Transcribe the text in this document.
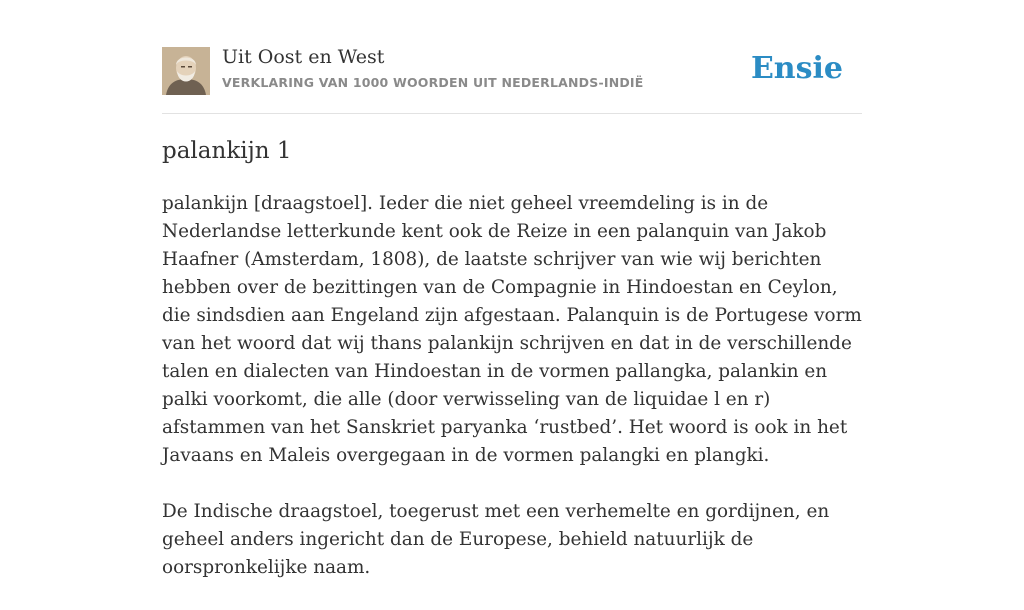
Uit Oost en West
VERKLARING VAN 1000 WOORDEN UIT NEDERLANDS-INDIË	Ensie
palankijn 1

palankijn [draagstoel]. Ieder die niet geheel vreemdeling is in de Nederlandse letterkunde kent ook de Reize in een palanquin van Jakob Haafner (Amsterdam, 1808), de laatste schrijver van wie wij berichten hebben over de bezittingen van de Compagnie in Hindoestan en Ceylon, die sindsdien aan Engeland zijn afgestaan. Palanquin is de Portugese vorm van het woord dat wij thans palankijn schrijven en dat in de verschillende talen en dialecten van Hindoestan in de vormen pallangka, palankin en palki voorkomt, die alle (door verwisseling van de liquidae l en r) afstammen van het Sanskriet paryanka ‘rustbed’. Het woord is ook in het Javaans en Maleis overgegaan in de vormen palangki en plangki.

De Indische draagstoel, toegerust met een verhemelte en gordijnen, en geheel anders ingericht dan de Europese, behield natuurlijk de oorspronkelijke naam.
